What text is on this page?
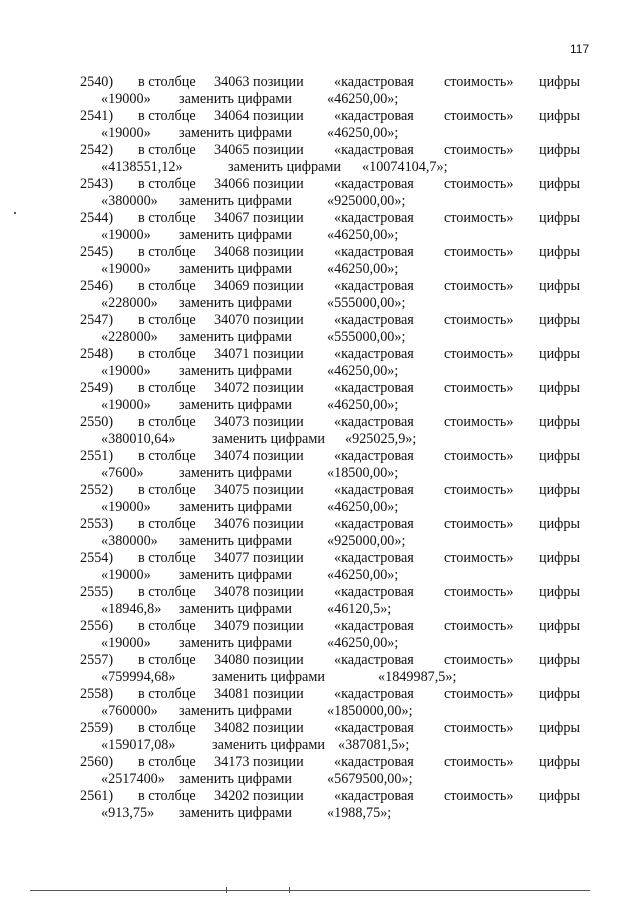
117
2540) в столбце 34063 позиции «кадастровая стоимость» цифры
«19000» заменить цифрами «46250,00»;
2541) в столбце 34064 позиции «кадастровая стоимость» цифры
«19000» заменить цифрами «46250,00»;
2542) в столбце 34065 позиции «кадастровая стоимость» цифры
«4138551,12»	заменить цифрами «10074104,7»;
2543) в столбце 34066 позиции «кадастровая стоимость» цифры
«380000» заменить цифрами «925000,00»;
2544) в столбце 34067 позиции «кадастровая стоимость» цифры
«19000» заменить цифрами «46250,00»;
2545) в столбце 34068 позиции «кадастровая стоимость» цифры
«19000» заменить цифрами «46250,00»;
2546) в столбце 34069 позиции «кадастровая стоимость» цифры
«228000» заменить цифрами «555000,00»;
2547) в столбце 34070 позиции «кадастровая стоимость» цифры
«228000» заменить цифрами «555000,00»;
2548) в столбце 34071 позиции «кадастровая стоимость» цифры
«19000» заменить цифрами «46250,00»;
2549) в столбце 34072 позиции «кадастровая стоимость» цифры
«19000» заменить цифрами «46250,00»;
2550) в столбце 34073 позиции «кадастровая стоимость» цифры
«380010,64»	заменить цифрами «925025,9»;
2551) в столбце 34074 позиции «кадастровая стоимость» цифры
«7600» заменить цифрами «18500,00»;
2552) в столбце 34075 позиции «кадастровая стоимость» цифры
«19000» заменить цифрами «46250,00»;
2553) в столбце 34076 позиции «кадастровая стоимость» цифры
«380000» заменить цифрами «925000,00»;
2554) в столбце 34077 позиции «кадастровая стоимость» цифры
«19000» заменить цифрами «46250,00»;
2555) в столбце 34078 позиции «кадастровая стоимость» цифры
«18946,8» заменить цифрами «46120,5»;
2556) в столбце 34079 позиции «кадастровая стоимость» цифры
«19000» заменить цифрами «46250,00»;
2557) в столбце 34080 позиции «кадастровая стоимость» цифры
«759994,68»	заменить цифрами	«1849987,5»;
2558) в столбце 34081 позиции «кадастровая стоимость» цифры
«760000» заменить цифрами «1850000,00»;
2559) в столбце 34082 позиции «кадастровая стоимость» цифры
«159017,08»	заменить цифрами «387081,5»;
2560) в столбце 34173 позиции «кадастровая стоимость» цифры
«2517400» заменить цифрами «5679500,00»;
2561) в столбце 34202 позиции «кадастровая стоимость» цифры
«913,75» заменить цифрами «1988,75»;
